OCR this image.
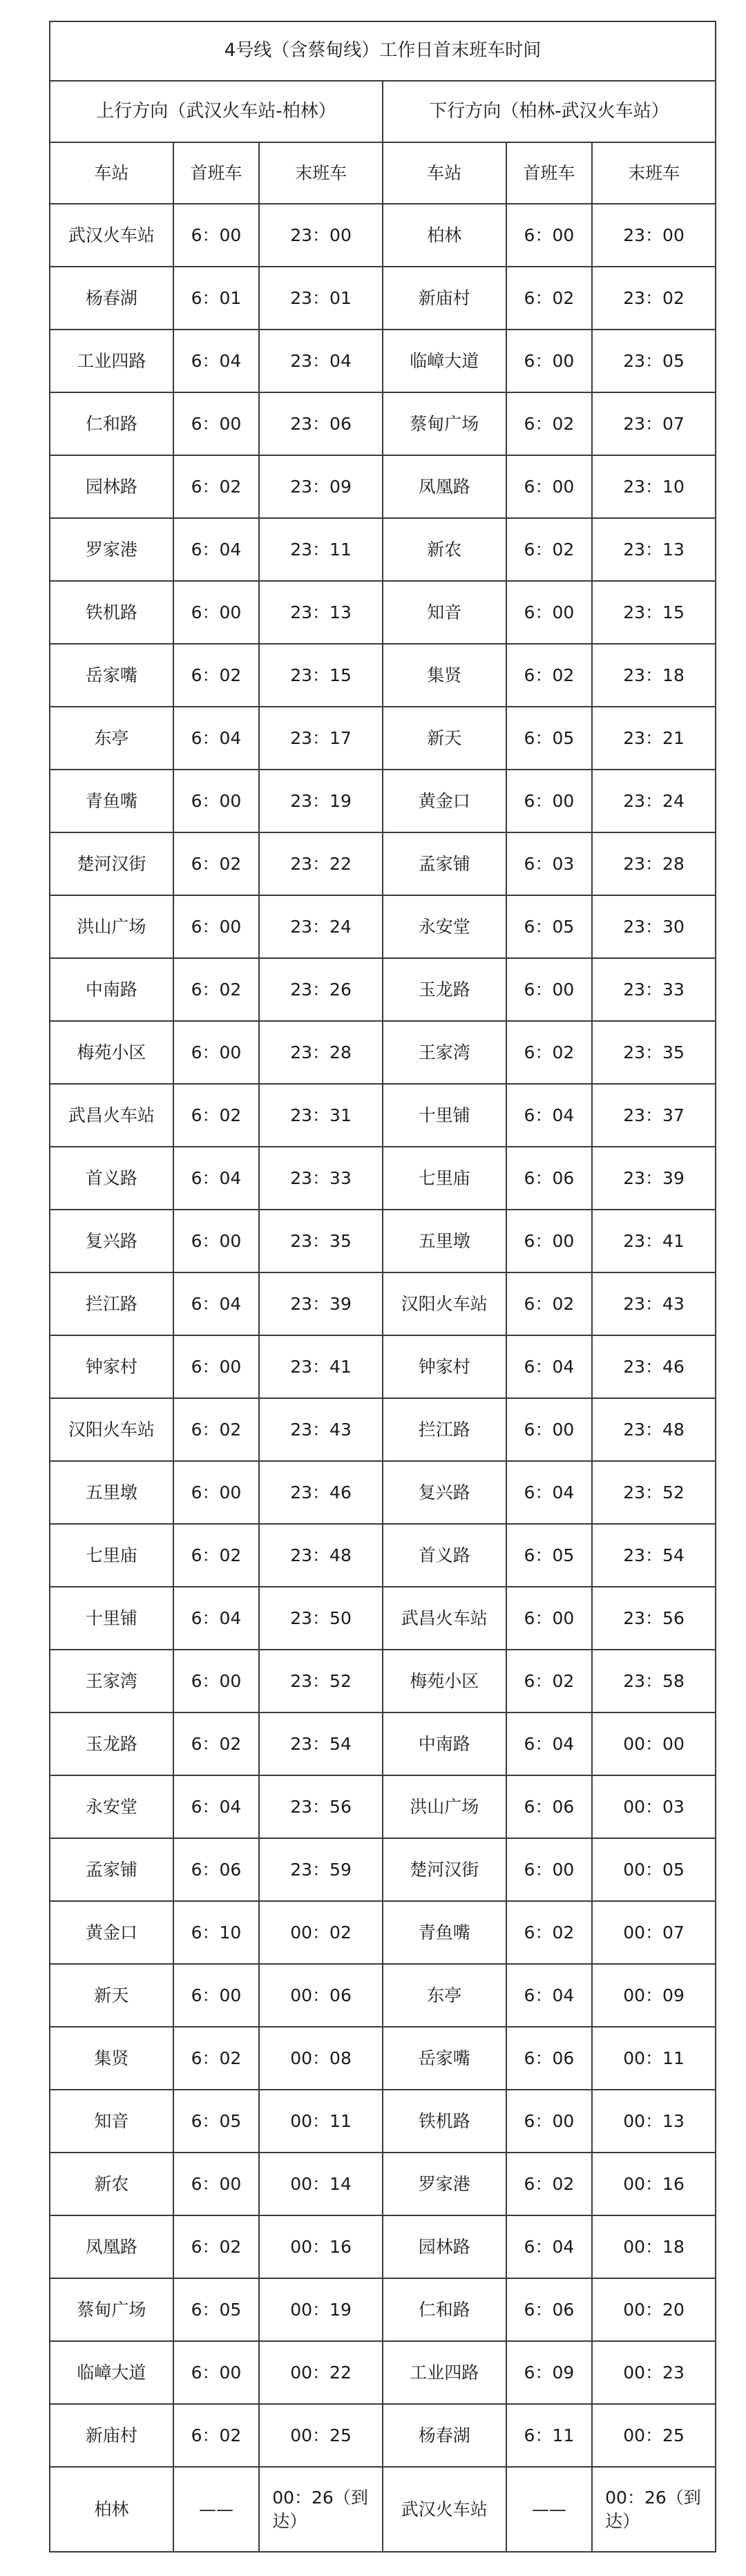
4号线（含蔡甸线）工作日首末班车时间					
上行方向（武汉火车站-柏林）			下行方向（柏林-武汉火车站）		
车站	首班车	末班车	车站	首班车	末班车
武汉火车站	6：00	23：00	柏林	6：00	23：00
杨春湖	6：01	23：01	新庙村	6：02	23：02
工业四路	6：04	23：04	临嶂大道	6：00	23：05
仁和路	6：00	23：06	蔡甸广场	6：02	23：07
园林路	6：02	23：09	凤凰路	6：00	23：10
罗家港	6：04	23：11	新农	6：02	23：13
铁机路	6：00	23：13	知音	6：00	23：15
岳家嘴	6：02	23：15	集贤	6：02	23：18
东亭	6：04	23：17	新天	6：05	23：21
青鱼嘴	6：00	23：19	黄金口	6：00	23：24
楚河汉街	6：02	23：22	孟家铺	6：03	23：28
洪山广场	6：00	23：24	永安堂	6：05	23：30
中南路	6：02	23：26	玉龙路	6：00	23：33
梅苑小区	6：00	23：28	王家湾	6：02	23：35
武昌火车站	6：02	23：31	十里铺	6：04	23：37
首义路	6：04	23：33	七里庙	6：06	23：39
复兴路	6：00	23：35	五里墩	6：00	23：41
拦江路	6：04	23：39	汉阳火车站	6：02	23：43
钟家村	6：00	23：41	钟家村	6：04	23：46
汉阳火车站	6：02	23：43	拦江路	6：00	23：48
五里墩	6：00	23：46	复兴路	6：04	23：52
七里庙	6：02	23：48	首义路	6：05	23：54
十里铺	6：04	23：50	武昌火车站	6：00	23：56
王家湾	6：00	23：52	梅苑小区	6：02	23：58
玉龙路	6：02	23：54	中南路	6：04	00：00
永安堂	6：04	23：56	洪山广场	6：06	00：03
孟家铺	6：06	23：59	楚河汉街	6：00	00：05
黄金口	6：10	00：02	青鱼嘴	6：02	00：07
新天	6：00	00：06	东亭	6：04	00：09
集贤	6：02	00：08	岳家嘴	6：06	00：11
知音	6：05	00：11	铁机路	6：00	00：13
新农	6：00	00：14	罗家港	6：02	00：16
凤凰路	6：02	00：16	园林路	6：04	00：18
蔡甸广场	6：05	00：19	仁和路	6：06	00：20
临嶂大道	6：00	00：22	工业四路	6：09	00：23
新庙村	6：02	00：25	杨春湖	6：11	00：25
柏林	——	00：26（到达）	武汉火车站	——	00：26（到达）
